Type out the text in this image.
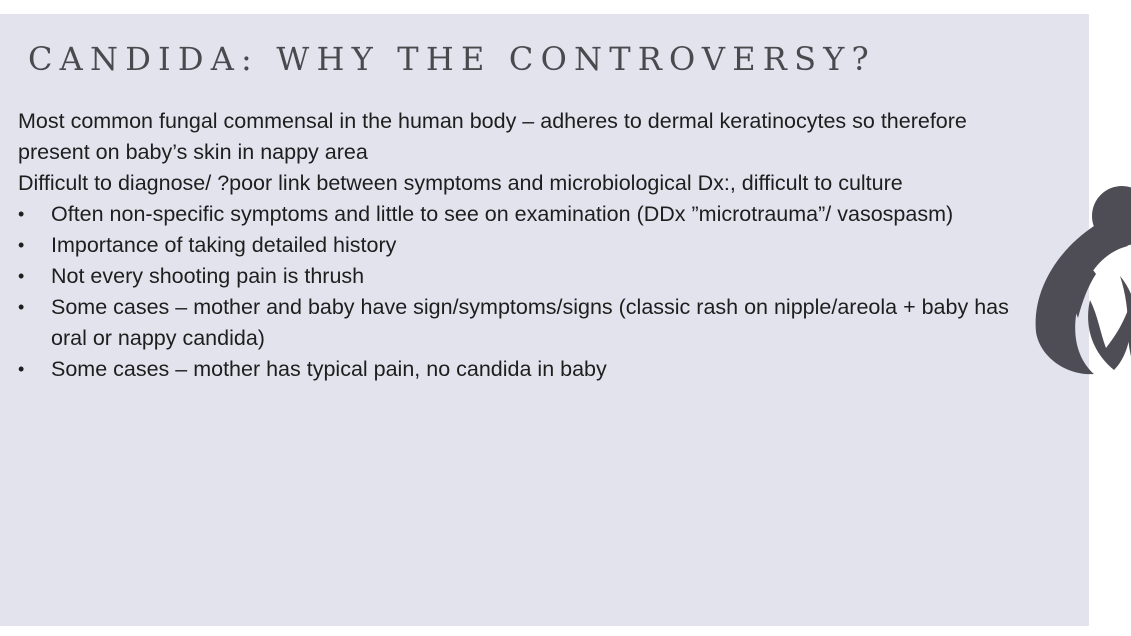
CANDIDA: WHY THE CONTROVERSY?

Most common fungal commensal in the human body – adheres to dermal keratinocytes so therefore present on baby’s skin in nappy area

Difficult to diagnose/ ?poor link between symptoms and microbiological Dx:, difficult to culture

• Often non-specific symptoms and little to see on examination (DDx ”microtrauma”/ vasospasm)
• Importance of taking detailed history
• Not every shooting pain is thrush
• Some cases – mother and baby have sign/symptoms/signs (classic rash on nipple/areola + baby has oral or nappy candida)
• Some cases – mother has typical pain, no candida in baby
